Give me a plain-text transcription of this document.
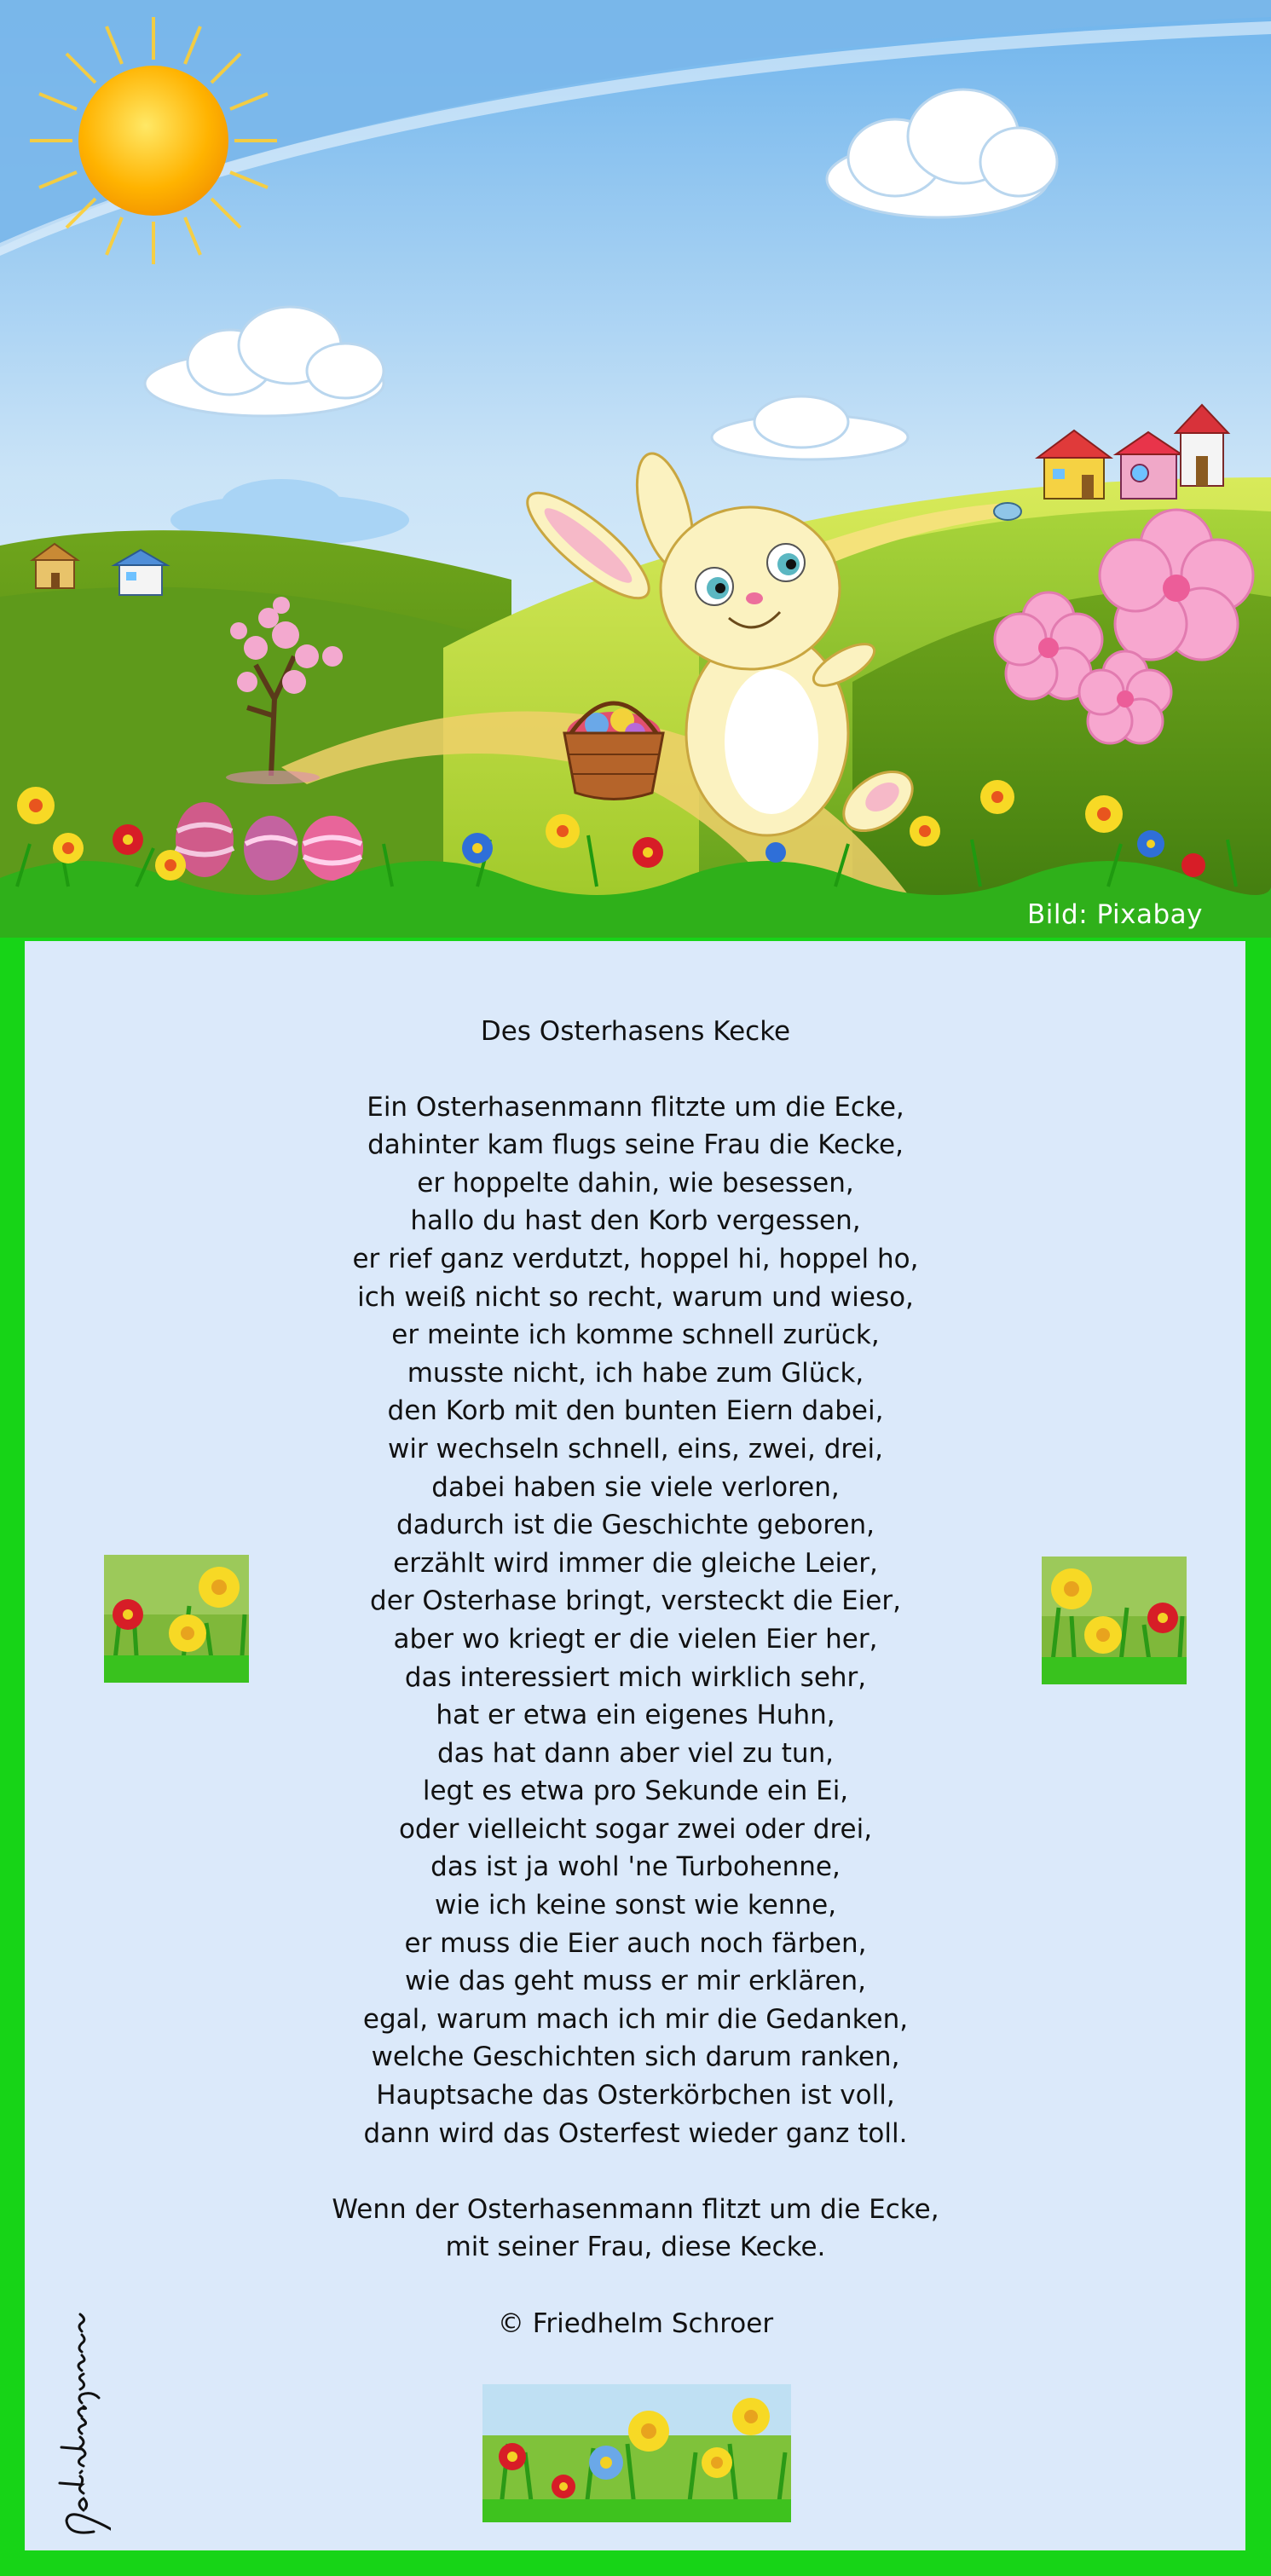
Bild: Pixabay
Des Osterhasens Kecke
Ein Osterhasenmann flitzte um die Ecke,
dahinter kam flugs seine Frau die Kecke,
er hoppelte dahin, wie besessen,
hallo du hast den Korb vergessen,
er rief ganz verdutzt, hoppel hi, hoppel ho,
ich weiß nicht so recht, warum und wieso,
er meinte ich komme schnell zurück,
musste nicht, ich habe zum Glück,
den Korb mit den bunten Eiern dabei,
wir wechseln schnell, eins, zwei, drei,
dabei haben sie viele verloren,
dadurch ist die Geschichte geboren,
erzählt wird immer die gleiche Leier,
der Osterhase bringt, versteckt die Eier,
aber wo kriegt er die vielen Eier her,
das interessiert mich wirklich sehr,
hat er etwa ein eigenes Huhn,
das hat dann aber viel zu tun,
legt es etwa pro Sekunde ein Ei,
oder vielleicht sogar zwei oder drei,
das ist ja wohl 'ne Turbohenne,
wie ich keine sonst wie kenne,
er muss die Eier auch noch färben,
wie das geht muss er mir erklären,
egal, warum mach ich mir die Gedanken,
welche Geschichten sich darum ranken,
Hauptsache das Osterkörbchen ist voll,
dann wird das Osterfest wieder ganz toll.
Wenn der Osterhasenmann flitzt um die Ecke,
mit seiner Frau, diese Kecke.
© Friedhelm Schroer
